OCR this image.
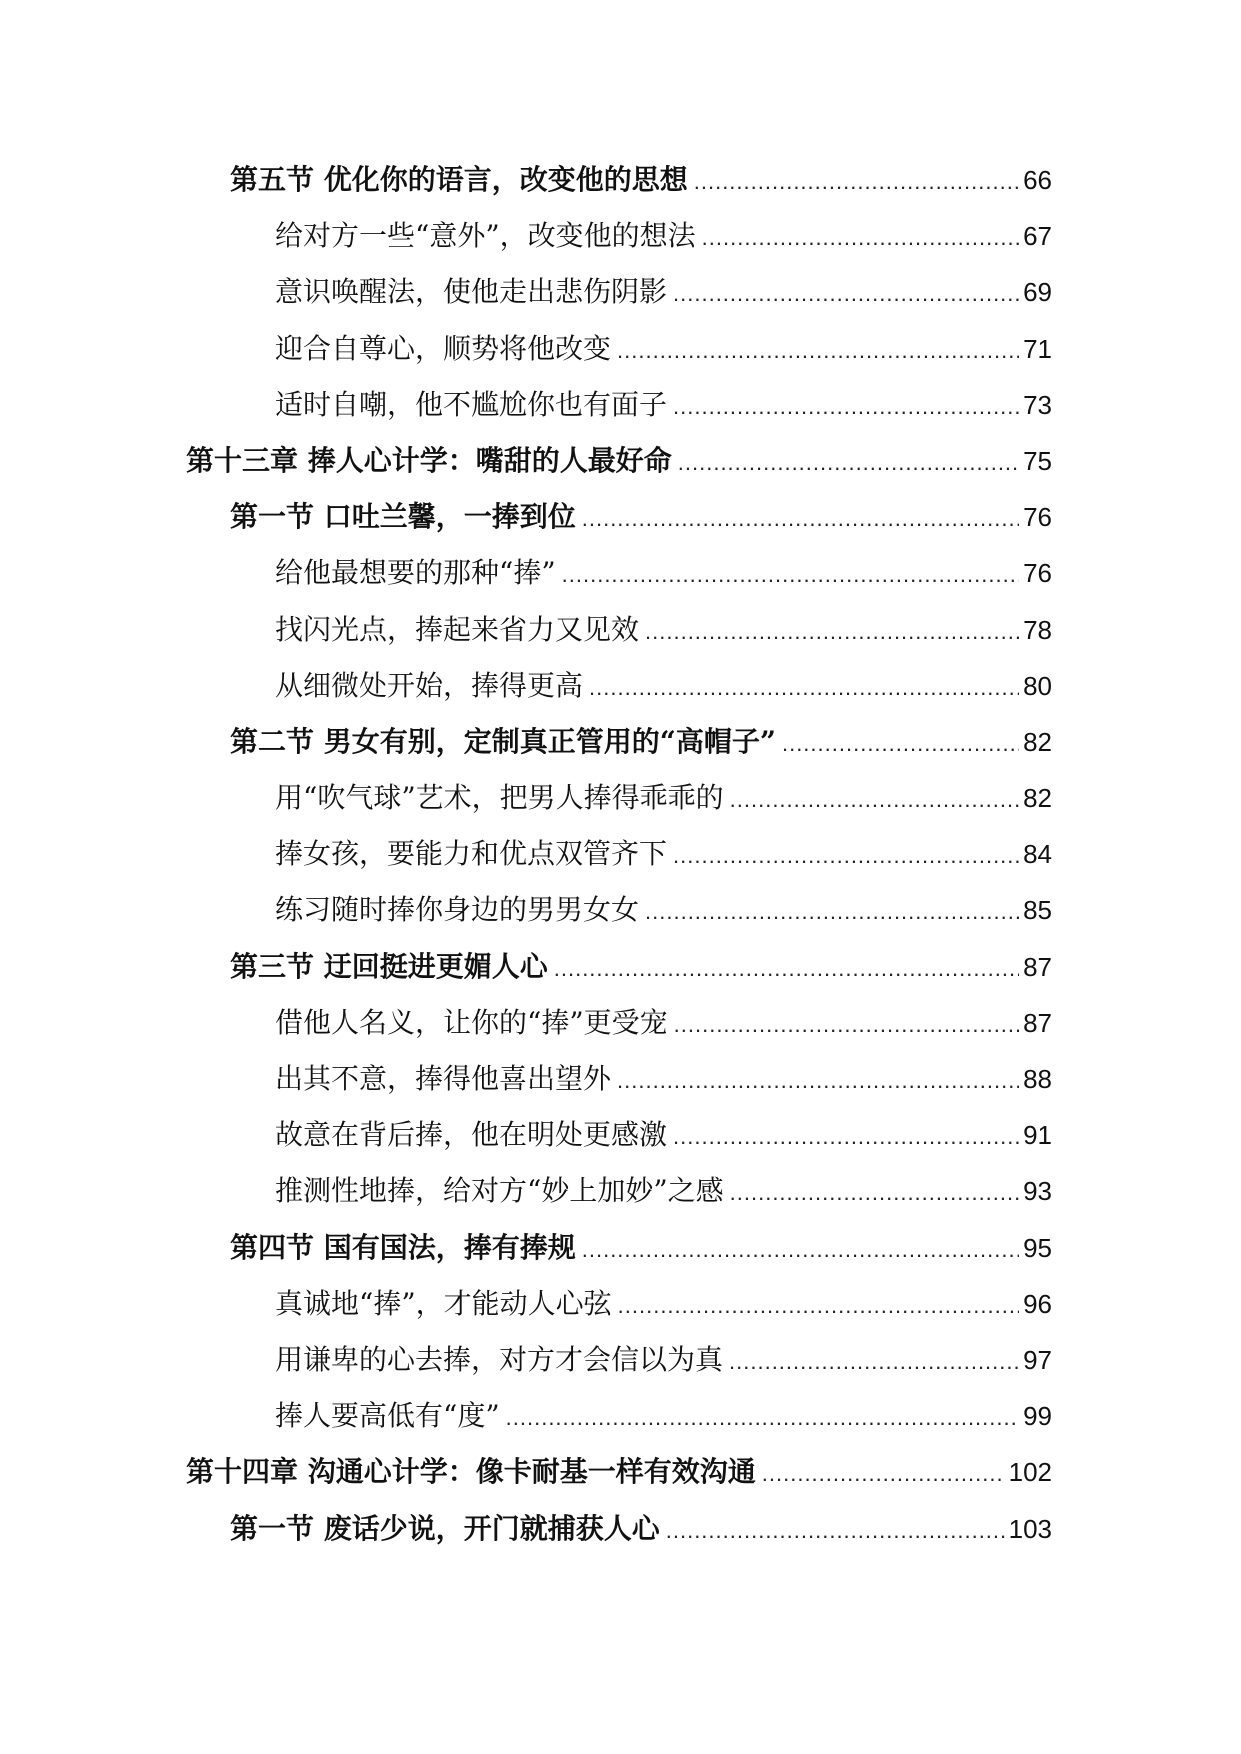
第五节 优化你的语言，改变他的思想 .....	66
给对方一些“意外”，改变他的想法 .....	67
意识唤醒法，使他走出悲伤阴影 .....	69
迎合自尊心，顺势将他改变 .....	71
适时自嘲，他不尴尬你也有面子 .....	73
第十三章 捧人心计学：嘴甜的人最好命 .....	75
第一节 口吐兰馨，一捧到位 .....	76
给他最想要的那种“捧” .....	76
找闪光点，捧起来省力又见效 .....	78
从细微处开始，捧得更高 .....	80
第二节 男女有别，定制真正管用的“高帽子” .....	82
用“吹气球”艺术，把男人捧得乖乖的 .....	82
捧女孩，要能力和优点双管齐下 .....	84
练习随时捧你身边的男男女女 .....	85
第三节 迂回挺进更媚人心 .....	87
借他人名义，让你的“捧”更受宠 .....	87
出其不意，捧得他喜出望外 .....	88
故意在背后捧，他在明处更感激 .....	91
推测性地捧，给对方“妙上加妙”之感 .....	93
第四节 国有国法，捧有捧规 .....	95
真诚地“捧”，才能动人心弦 .....	96
用谦卑的心去捧，对方才会信以为真 .....	97
捧人要高低有“度” .....	99
第十四章 沟通心计学：像卡耐基一样有效沟通 .....	102
第一节 废话少说，开门就捕获人心 .....	103
